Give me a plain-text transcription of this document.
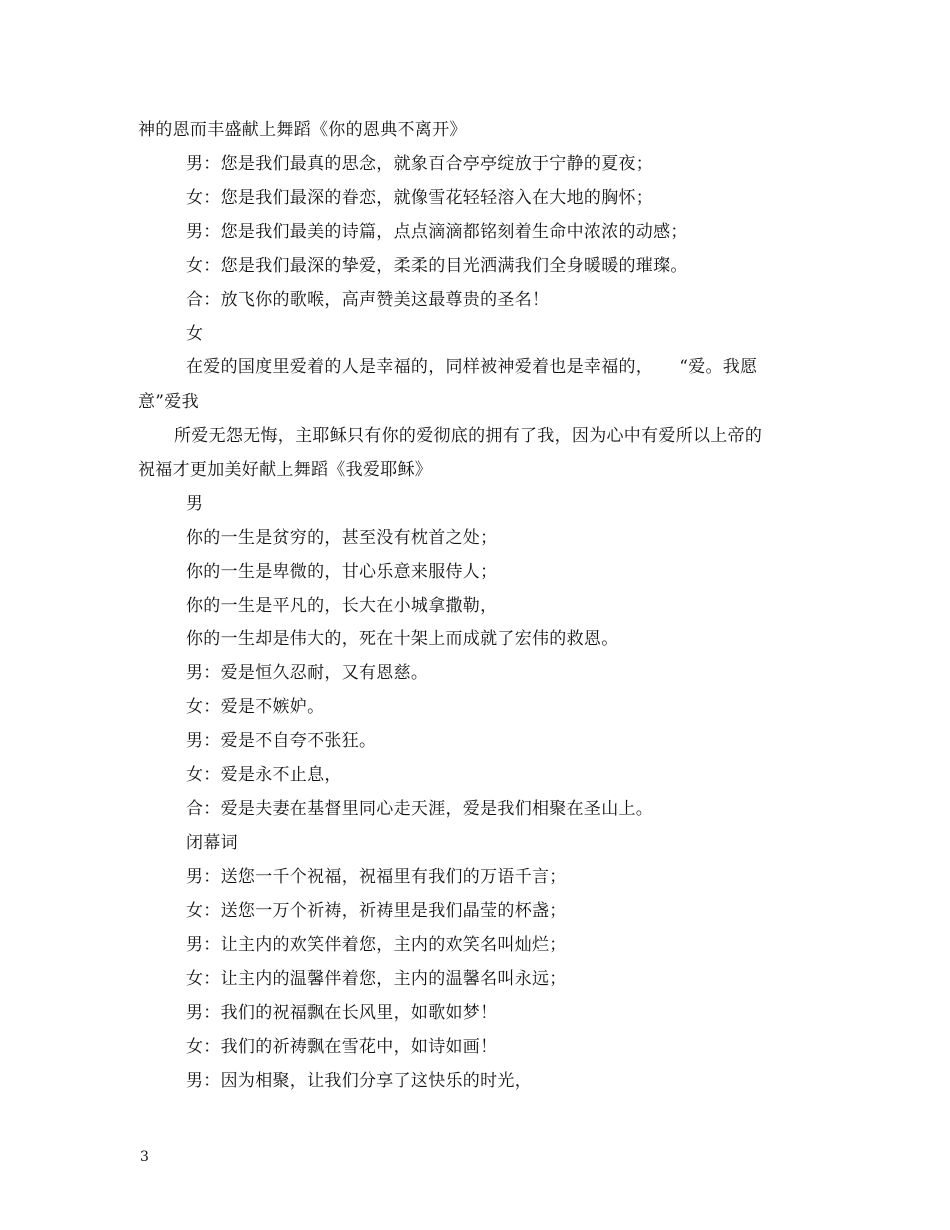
神的恩而丰盛献上舞蹈《你的恩典不离开》
男：您是我们最真的思念，就象百合亭亭绽放于宁静的夏夜；
女：您是我们最深的眷恋，就像雪花轻轻溶入在大地的胸怀；
男：您是我们最美的诗篇，点点滴滴都铭刻着生命中浓浓的动感；
女：您是我们最深的挚爱，柔柔的目光洒满我们全身暖暖的璀璨。
合：放飞你的歌喉，高声赞美这最尊贵的圣名！
女
在爱的国度里爱着的人是幸福的，同样被神爱着也是幸福的，　　“爱。我愿
意”爱我
所爱无怨无悔，主耶稣只有你的爱彻底的拥有了我，因为心中有爱所以上帝的
祝福才更加美好献上舞蹈《我爱耶稣》
男
你的一生是贫穷的，甚至没有枕首之处；
你的一生是卑微的，甘心乐意来服侍人；
你的一生是平凡的，长大在小城拿撒勒，
你的一生却是伟大的，死在十架上而成就了宏伟的救恩。
男：爱是恒久忍耐，又有恩慈。
女：爱是不嫉妒。
男：爱是不自夸不张狂。
女：爱是永不止息，
合：爱是夫妻在基督里同心走天涯，爱是我们相聚在圣山上。
闭幕词
男：送您一千个祝福，祝福里有我们的万语千言；
女：送您一万个祈祷，祈祷里是我们晶莹的杯盏；
男：让主内的欢笑伴着您，主内的欢笑名叫灿烂；
女：让主内的温馨伴着您，主内的温馨名叫永远；
男：我们的祝福飘在长风里，如歌如梦！
女：我们的祈祷飘在雪花中，如诗如画！
男：因为相聚，让我们分享了这快乐的时光，
3
